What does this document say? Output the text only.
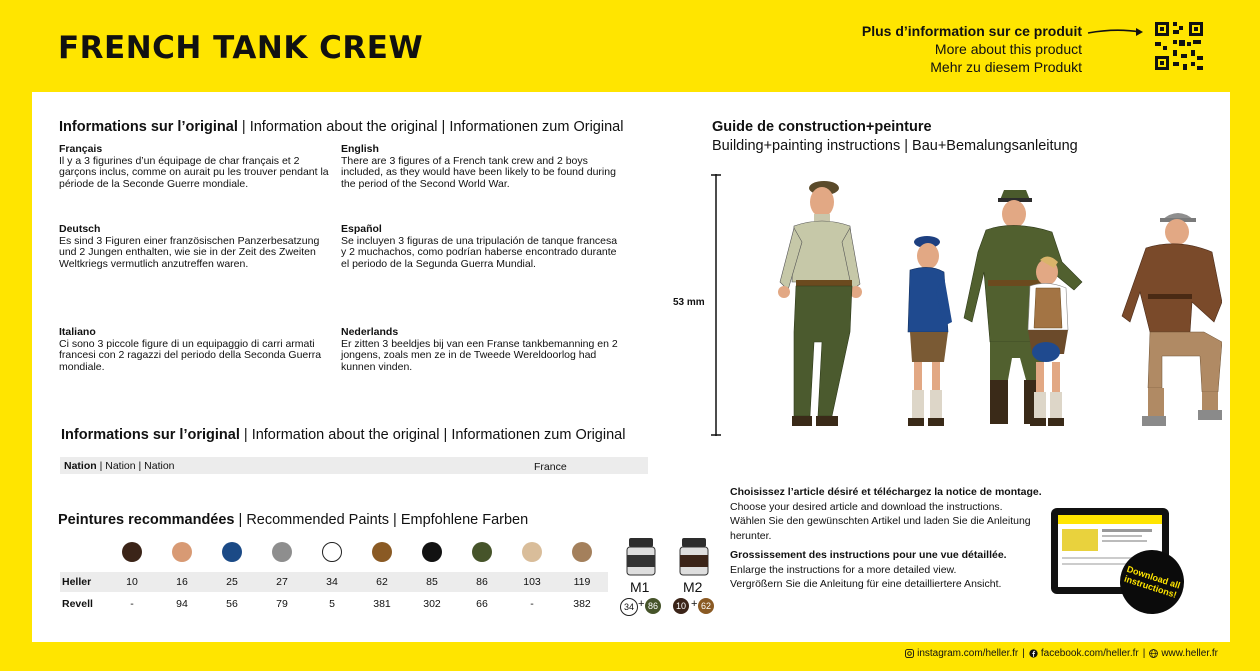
FRENCH TANK CREW	Plus d’information sur ce produit
More about this product
Mehr zu diesem Produkt
Informations sur l’original | Information about the original | Informationen zum Original
Français
Il y a 3 figurines d’un équipage de char français et 2 garçons inclus, comme on aurait pu les trouver pendant la période de la Seconde Guerre mondiale.
English
There are 3 figures of a French tank crew and 2 boys included, as they would have been likely to be found during the period of the Second World War.
Deutsch
Es sind 3 Figuren einer französischen Panzerbesatzung und 2 Jungen enthalten, wie sie in der Zeit des Zweiten Weltkriegs vermutlich anzutreffen waren.
Español
Se incluyen 3 figuras de una tripulación de tanque francesa y 2 muchachos, como podrían haberse encontrado durante el periodo de la Segunda Guerra Mundial.
Italiano
Ci sono 3 piccole figure di un equipaggio di carri armati francesi con 2 ragazzi del periodo della Seconda Guerra mondiale.
Nederlands
Er zitten 3 beeldjes bij van een Franse tankbemanning en 2 jongens, zoals men ze in de Tweede Wereldoorlog had kunnen vinden.
Informations sur l’original | Information about the original | Informationen zum Original
Nation | Nation | Nation	France
Peintures recommandées | Recommended Paints | Empfohlene Farben
Heller	10	16	25	27	34	62	85	86	103	119
Revell	-	94	56	79	5	381	302	66	-	382
M1
34 + 86
M2
10 + 62
Guide de construction+peinture
Building+painting instructions | Bau+Bemalungsanleitung
53 mm
Choisissez l’article désiré et téléchargez la notice de montage.
Choose your desired article and download the instructions.
Wählen Sie den gewünschten Artikel und laden Sie die Anleitung herunter.

Grossissement des instructions pour une vue détaillée.
Enlarge the instructions for a more detailed view.
Vergrößern Sie die Anleitung für eine detailliertere Ansicht.	Download all instructions!
instagram.com/heller.fr | facebook.com/heller.fr | www.heller.fr
